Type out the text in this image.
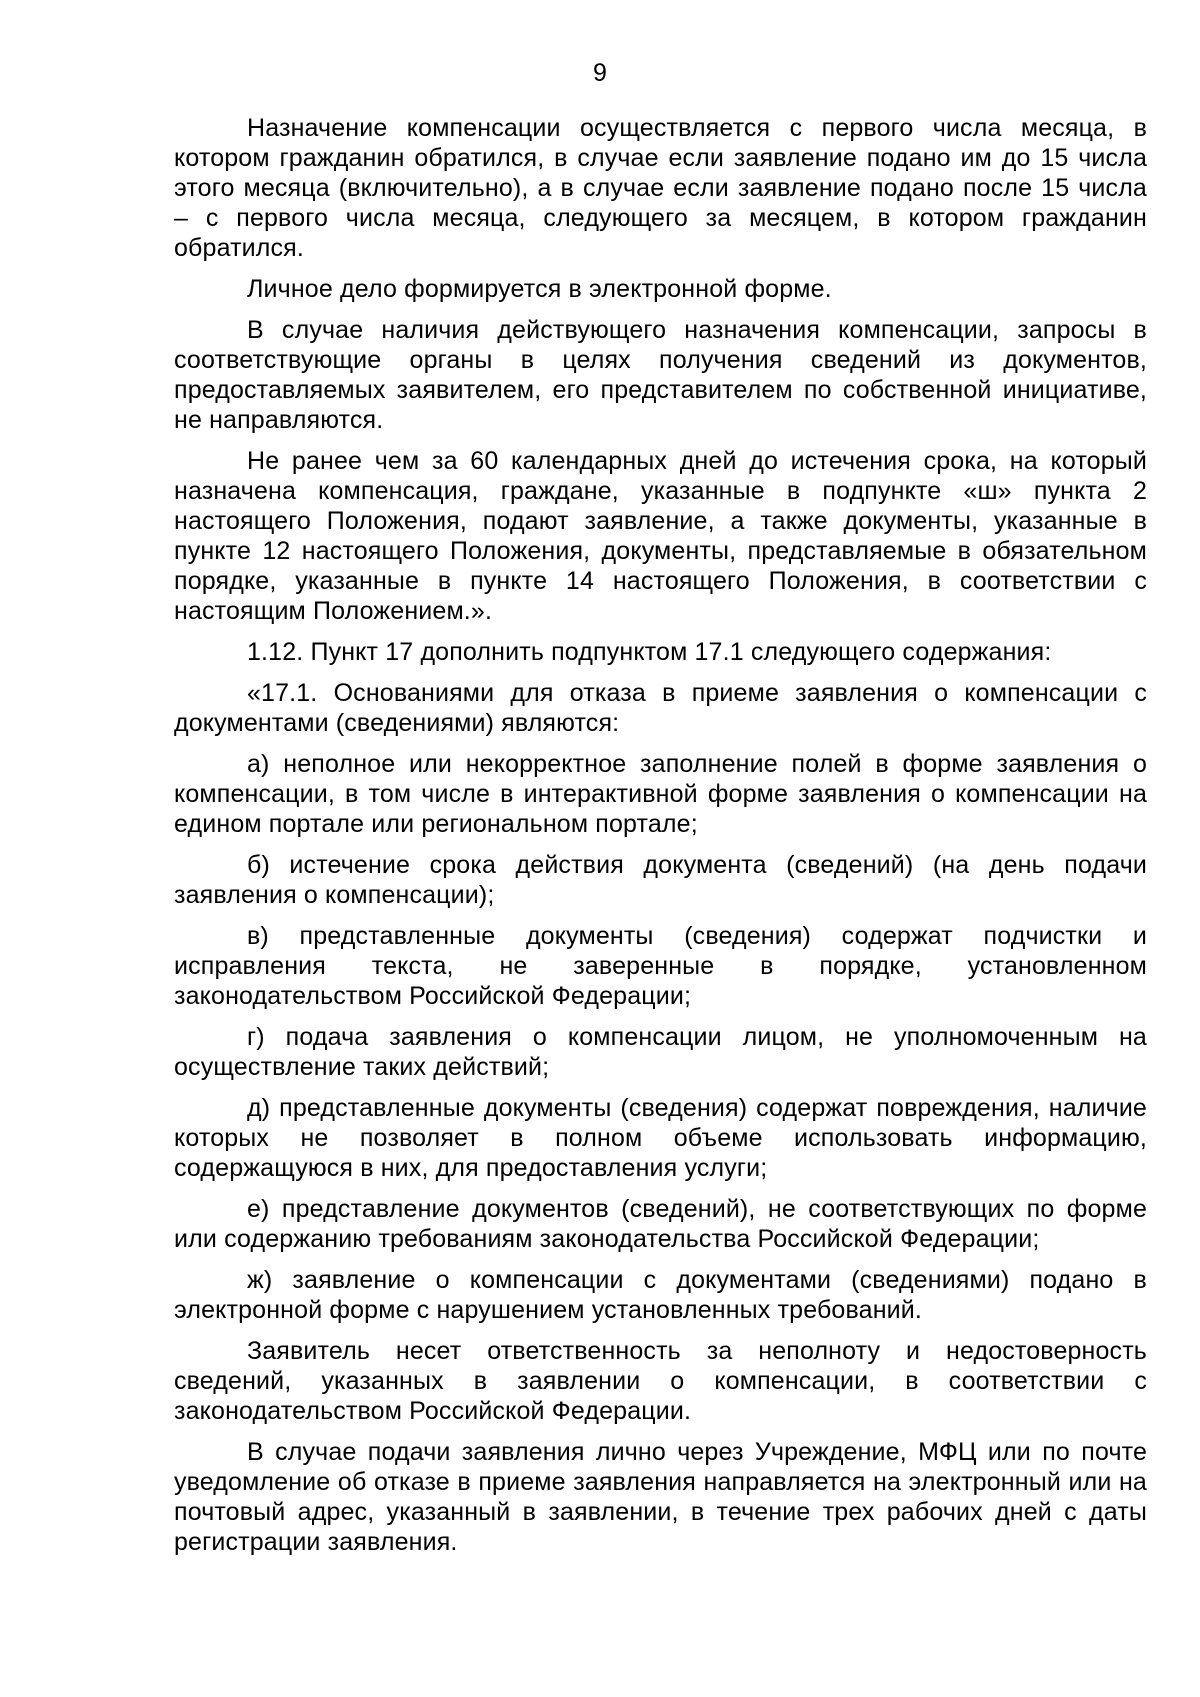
9

Назначение компенсации осуществляется с первого числа месяца, в котором гражданин обратился, в случае если заявление подано им до 15 числа этого месяца (включительно), а в случае если заявление подано после 15 числа – с первого числа месяца, следующего за месяцем, в котором гражданин обратился.

Личное дело формируется в электронной форме.

В случае наличия действующего назначения компенсации, запросы в соответствующие органы в целях получения сведений из документов, предоставляемых заявителем, его представителем по собственной инициативе, не направляются.

Не ранее чем за 60 календарных дней до истечения срока, на который назначена компенсация, граждане, указанные в подпункте «ш» пункта 2 настоящего Положения, подают заявление, а также документы, указанные в пункте 12 настоящего Положения, документы, представляемые в обязательном порядке, указанные в пункте 14 настоящего Положения, в соответствии с настоящим Положением.».

1.12. Пункт 17 дополнить подпунктом 17.1 следующего содержания:

«17.1. Основаниями для отказа в приеме заявления о компенсации с документами (сведениями) являются:

а) неполное или некорректное заполнение полей в форме заявления о компенсации, в том числе в интерактивной форме заявления о компенсации на едином портале или региональном портале;

б) истечение срока действия документа (сведений) (на день подачи заявления о компенсации);

в) представленные документы (сведения) содержат подчистки и исправления текста, не заверенные в порядке, установленном законодательством Российской Федерации;

г) подача заявления о компенсации лицом, не уполномоченным на осуществление таких действий;

д) представленные документы (сведения) содержат повреждения, наличие которых не позволяет в полном объеме использовать информацию, содержащуюся в них, для предоставления услуги;

е) представление документов (сведений), не соответствующих по форме или содержанию требованиям законодательства Российской Федерации;

ж) заявление о компенсации с документами (сведениями) подано в электронной форме с нарушением установленных требований.

Заявитель несет ответственность за неполноту и недостоверность сведений, указанных в заявлении о компенсации, в соответствии с законодательством Российской Федерации.

В случае подачи заявления лично через Учреждение, МФЦ или по почте уведомление об отказе в приеме заявления направляется на электронный или на почтовый адрес, указанный в заявлении, в течение трех рабочих дней с даты регистрации заявления.
